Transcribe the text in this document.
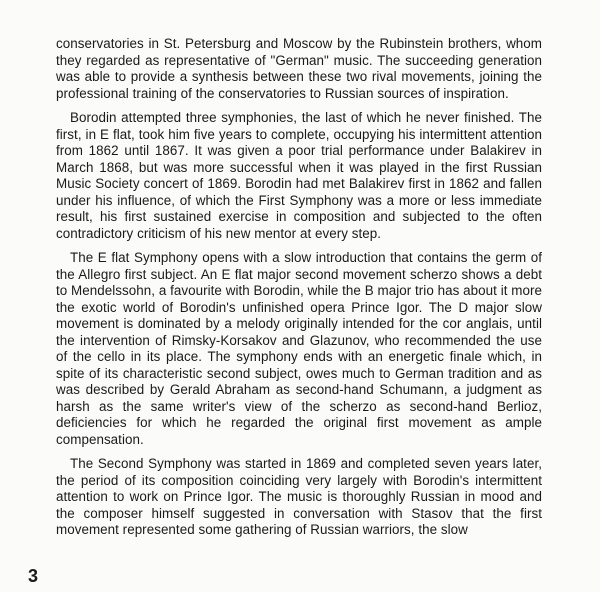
conservatories in St. Petersburg and Moscow by the Rubinstein brothers, whom they regarded as representative of "German" music. The succeeding generation was able to provide a synthesis between these two rival movements, joining the professional training of the conservatories to Russian sources of inspiration.

Borodin attempted three symphonies, the last of which he never finished. The first, in E flat, took him five years to complete, occupying his intermittent attention from 1862 until 1867. It was given a poor trial performance under Balakirev in March 1868, but was more successful when it was played in the first Russian Music Society concert of 1869. Borodin had met Balakirev first in 1862 and fallen under his influence, of which the First Symphony was a more or less immediate result, his first sustained exercise in composition and subjected to the often contradictory criticism of his new mentor at every step.

The E flat Symphony opens with a slow introduction that contains the germ of the Allegro first subject. An E flat major second movement scherzo shows a debt to Mendelssohn, a favourite with Borodin, while the B major trio has about it more the exotic world of Borodin's unfinished opera Prince Igor. The D major slow movement is dominated by a melody originally intended for the cor anglais, until the intervention of Rimsky-Korsakov and Glazunov, who recommended the use of the cello in its place. The symphony ends with an energetic finale which, in spite of its characteristic second subject, owes much to German tradition and as was described by Gerald Abraham as second-hand Schumann, a judgment as harsh as the same writer's view of the scherzo as second-hand Berlioz, deficiencies for which he regarded the original first movement as ample compensation.

The Second Symphony was started in 1869 and completed seven years later, the period of its composition coinciding very largely with Borodin's intermittent attention to work on Prince Igor. The music is thoroughly Russian in mood and the composer himself suggested in conversation with Stasov that the first movement represented some gathering of Russian warriors, the slow

3
